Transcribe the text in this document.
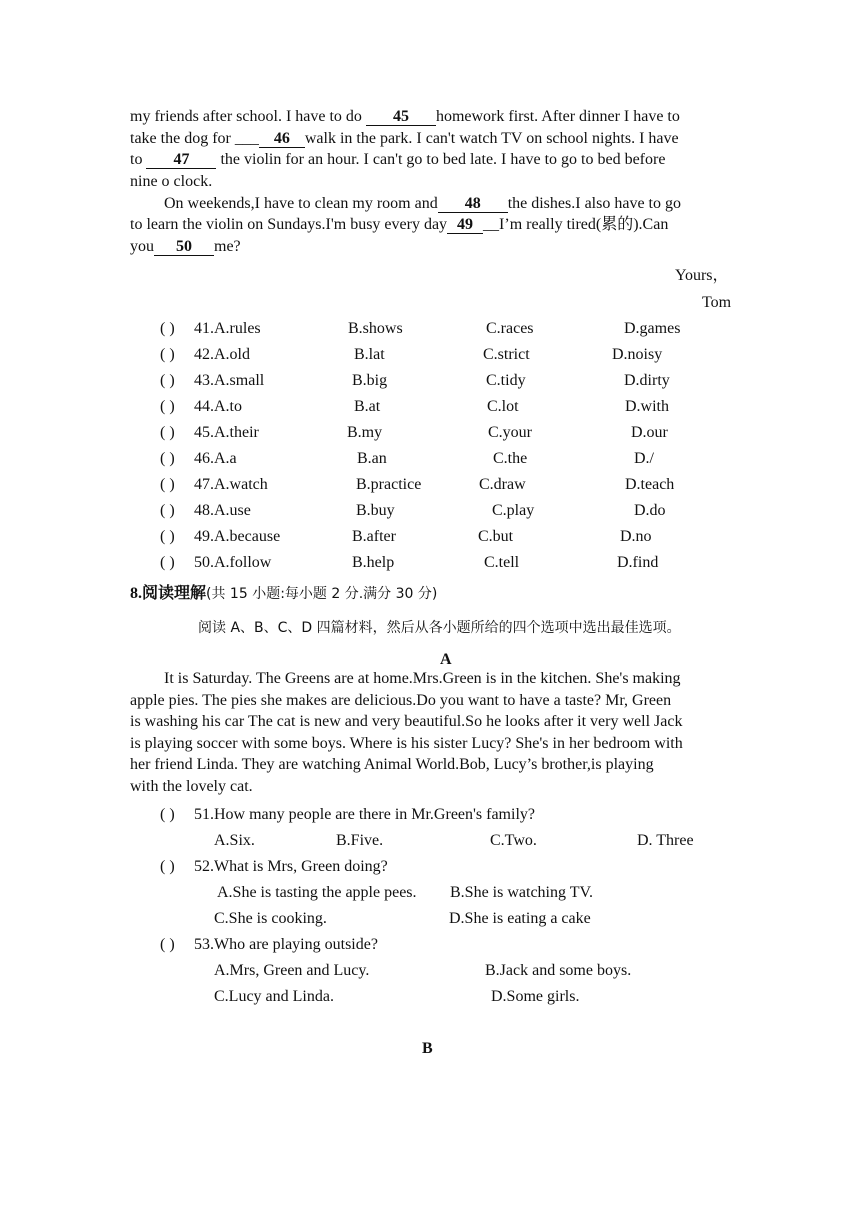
my friends after school. I have to do 45 homework first. After dinner I have to
take the dog for ___ 46 walk in the park. I can't watch TV on school nights. I have
to 47 the violin for an hour. I can't go to bed late. I have to go to bed before
nine o clock.
On weekends,I have to clean my room and 48 the dishes.I also have to go
to learn the violin on Sundays.I'm busy every day 49 __I’m really tired(累的).Can
you 50 me?
Yours，
Tom
( ) 41.A.rules	B.shows	C.races	D.games
( ) 42.A.old	B.lat	C.strict	D.noisy
( ) 43.A.small	B.big	C.tidy	D.dirty
( ) 44.A.to	B.at	C.lot	D.with
( ) 45.A.their	B.my	C.your	D.our
( ) 46.A.a	B.an	C.the	D./
( ) 47.A.watch	B.practice	C.draw	D.teach
( ) 48.A.use	B.buy	C.play	D.do
( ) 49.A.because	B.after	C.but	D.no
( ) 50.A.follow	B.help	C.tell	D.find
8.阅读理解(共 15 小题:每小题 2 分.满分 30 分)
阅读 A、B、C、D 四篇材料，然后从各小题所给的四个选项中选出最佳选项。
A
It is Saturday. The Greens are at home.Mrs.Green is in the kitchen. She's making
apple pies. The pies she makes are delicious.Do you want to have a taste? Mr, Green
is washing his car The cat is new and very beautiful.So he looks after it very well Jack
is playing soccer with some boys. Where is his sister Lucy? She's in her bedroom with
her friend Linda. They are watching Animal World.Bob, Lucy’s brother,is playing
with the lovely cat.
( ) 51.How many people are there in Mr.Green's family?
A.Six.	B.Five.	C.Two.	D. Three
( ) 52.What is Mrs, Green doing?
A.She is tasting the apple pees. B.She is watching TV.
C.She is cooking.	D.She is eating a cake
( ) 53.Who are playing outside?
A.Mrs, Green and Lucy.	B.Jack and some boys.
C.Lucy and Linda.	D.Some girls.
B
